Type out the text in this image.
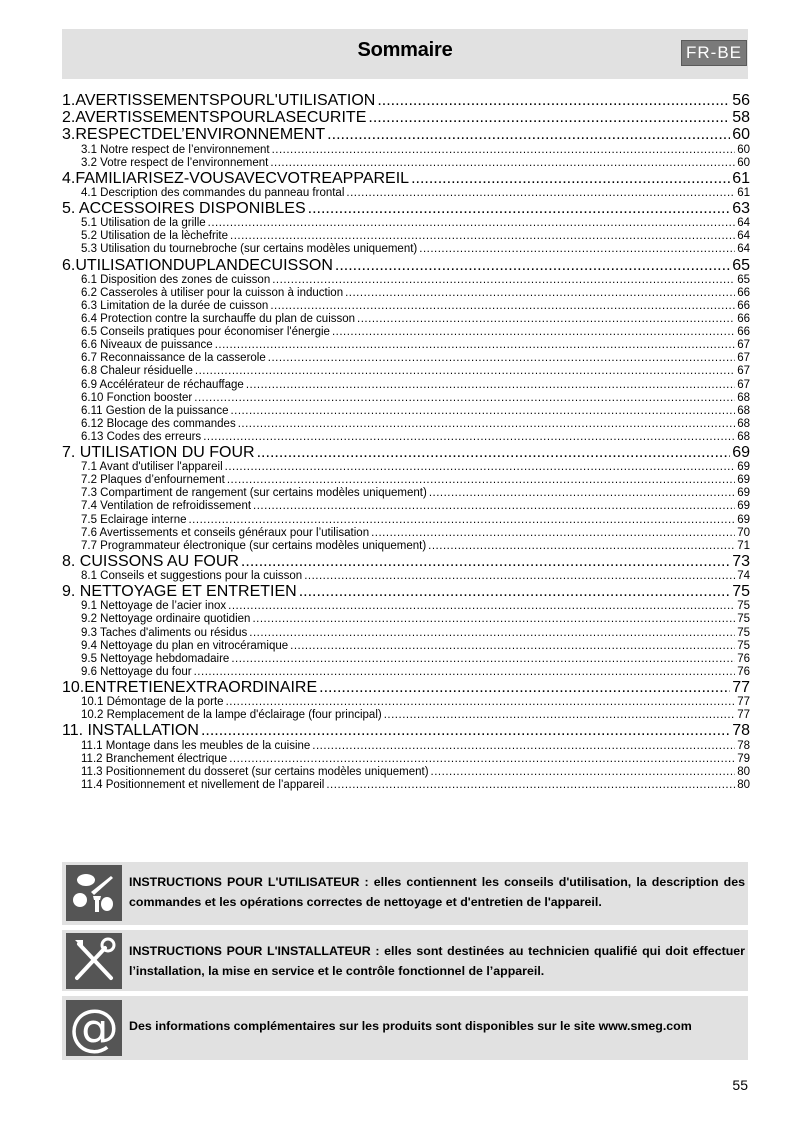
Sommaire	FR-BE
1.AVERTISSEMENTSPOURL'UTILISATION .....	56
2.AVERTISSEMENTSPOURLASECURITE .....	58
3.RESPECTDEL’ENVIRONNEMENT .....	60
3.1 Notre respect de l’environnement .....	60
3.2 Votre respect de l’environnement .....	60
4.FAMILIARISEZ-VOUSAVECVOTREAPPAREIL .....	61
4.1 Description des commandes du panneau frontal .....	61
5. ACCESSOIRES DISPONIBLES .....	63
5.1 Utilisation de la grille .....	64
5.2 Utilisation de la lèchefrite .....	64
5.3 Utilisation du tournebroche (sur certains modèles uniquement) .....	64
6.UTILISATIONDUPLANDECUISSON .....	65
6.1 Disposition des zones de cuisson .....	65
6.2 Casseroles à utiliser pour la cuisson à induction .....	66
6.3 Limitation de la durée de cuisson .....	66
6.4 Protection contre la surchauffe du plan de cuisson .....	66
6.5 Conseils pratiques pour économiser l'énergie .....	66
6.6 Niveaux de puissance .....	67
6.7 Reconnaissance de la casserole .....	67
6.8 Chaleur résiduelle .....	67
6.9 Accélérateur de réchauffage .....	67
6.10 Fonction booster .....	68
6.11 Gestion de la puissance .....	68
6.12 Blocage des commandes .....	68
6.13 Codes des erreurs .....	68
7. UTILISATION DU FOUR .....	69
7.1 Avant d'utiliser l'appareil .....	69
7.2 Plaques d’enfournement .....	69
7.3 Compartiment de rangement (sur certains modèles uniquement) .....	69
7.4 Ventilation de refroidissement .....	69
7.5 Éclairage interne .....	69
7.6 Avertissements et conseils généraux pour l’utilisation .....	70
7.7 Programmateur électronique (sur certains modèles uniquement) .....	71
8. CUISSONS AU FOUR .....	73
8.1 Conseils et suggestions pour la cuisson .....	74
9. NETTOYAGE ET ENTRETIEN .....	75
9.1 Nettoyage de l’acier inox .....	75
9.2 Nettoyage ordinaire quotidien .....	75
9.3 Taches d'aliments ou résidus .....	75
9.4 Nettoyage du plan en vitrocéramique .....	75
9.5 Nettoyage hebdomadaire .....	76
9.6 Nettoyage du four .....	76
10.ENTRETIENEXTRAORDINAIRE .....	77
10.1 Démontage de la porte .....	77
10.2 Remplacement de la lampe d'éclairage (four principal) .....	77
11. INSTALLATION .....	78
11.1 Montage dans les meubles de la cuisine .....	78
11.2 Branchement électrique .....	79
11.3 Positionnement du dosseret (sur certains modèles uniquement) .....	80
11.4 Positionnement et nivellement de l’appareil .....	80
INSTRUCTIONS POUR L'UTILISATEUR : elles contiennent les conseils d'utilisation, la description des commandes et les opérations correctes de nettoyage et d'entretien de l'appareil.
INSTRUCTIONS POUR L'INSTALLATEUR : elles sont destinées au technicien qualifié qui doit effectuer l’installation, la mise en service et le contrôle fonctionnel de l’appareil.
@ Des informations complémentaires sur les produits sont disponibles sur le site www.smeg.com
55
